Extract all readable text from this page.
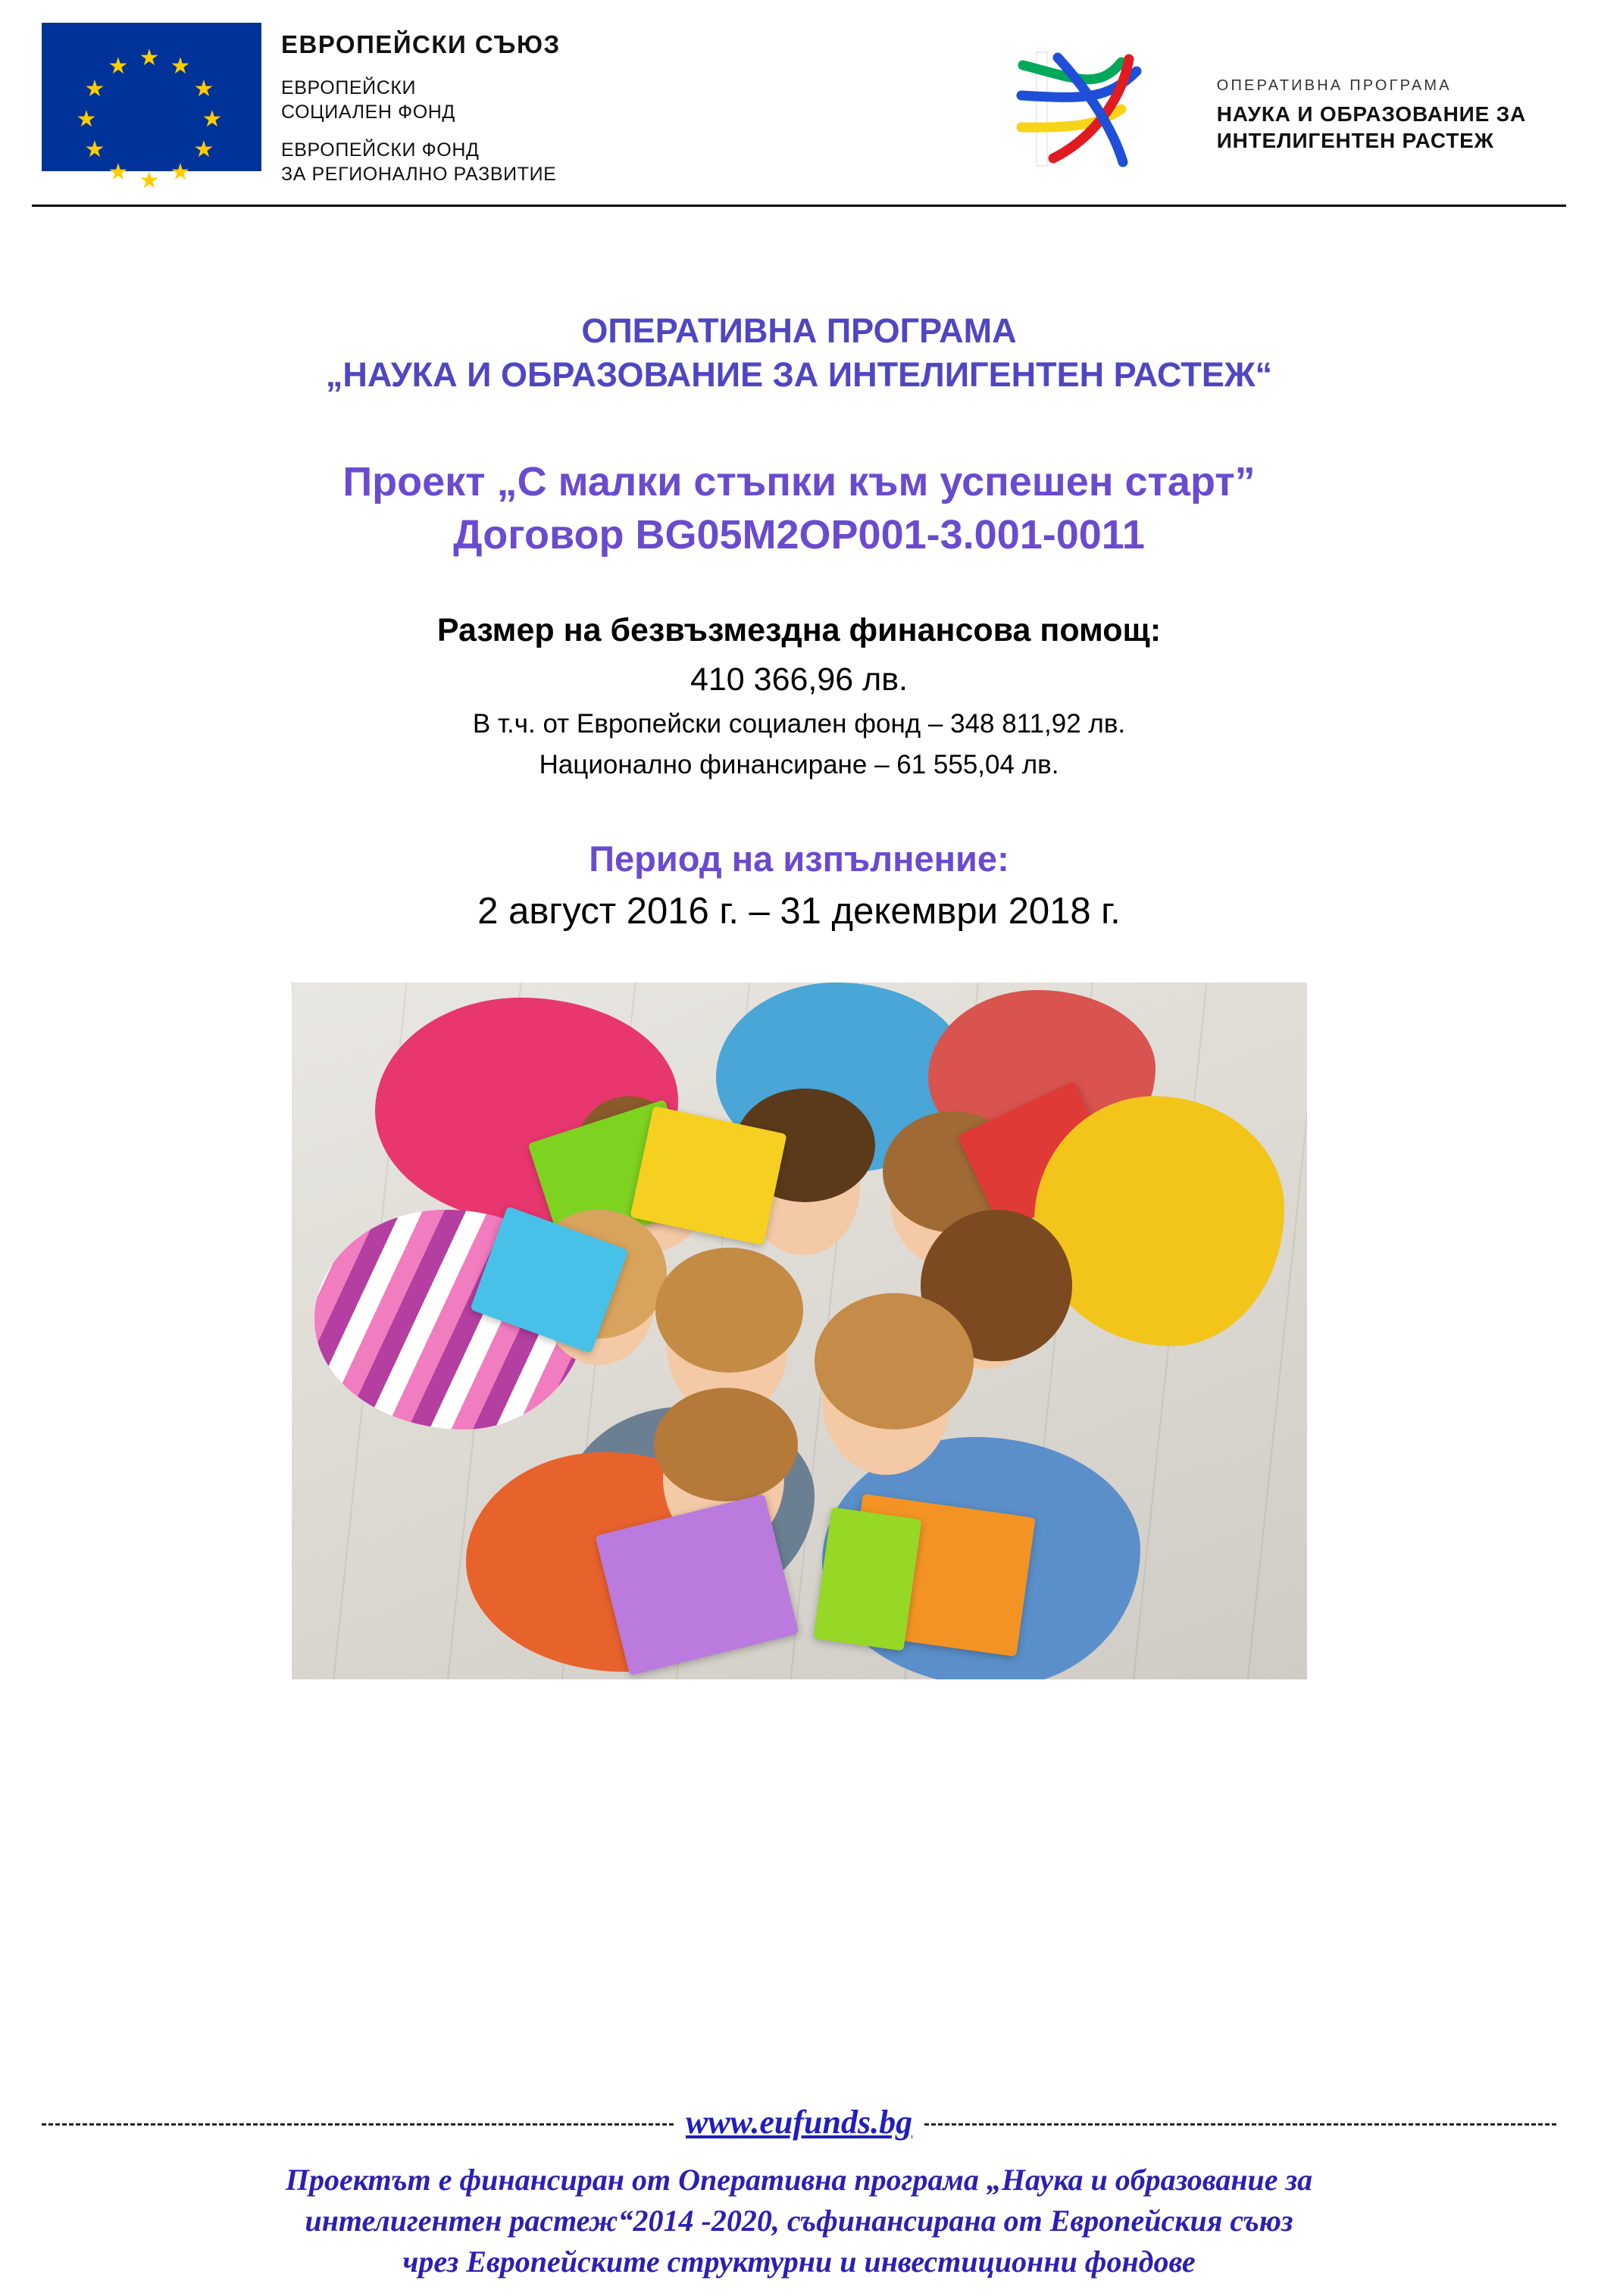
★
★
★
★
★
★ ★ ★
★
★
★
★
ЕВРОПЕЙСКИ СЪЮЗ
ЕВРОПЕЙСКИ
СОЦИАЛЕН ФОНД
ЕВРОПЕЙСКИ ФОНД
ЗА РЕГИОНАЛНО РАЗВИТИЕ
ОПЕРАТИВНА ПРОГРАМА
НАУКА И ОБРАЗОВАНИЕ ЗА
ИНТЕЛИГЕНТЕН РАСТЕЖ
ОПЕРАТИВНА ПРОГРАМА
„НАУКА И ОБРАЗОВАНИЕ ЗА ИНТЕЛИГЕНТЕН РАСТЕЖ“
Проект „С малки стъпки към успешен старт”
Договор BG05M2OP001-3.001-0011
Размер на безвъзмездна финансова помощ:
410 366,96 лв.
В т.ч. от Европейски социален фонд – 348 811,92 лв.
Национално финансиране – 61 555,04 лв.
Период на изпълнение:
2 август 2016 г. – 31 декември 2018 г.
www.eufunds.bg
Проектът е финансиран от Оперативна програма „Наука и образование за
интелигентен растеж“2014 -2020, съфинансирана от Европейския съюз
чрез Европейските структурни и инвестиционни фондове
